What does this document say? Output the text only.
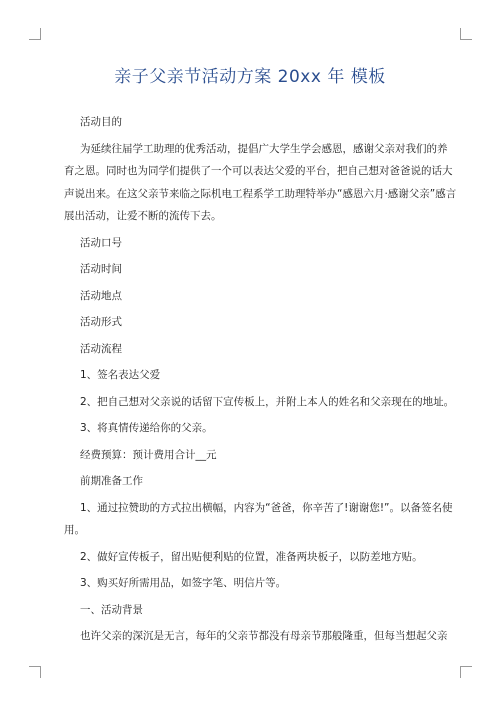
亲子父亲节活动方案 20xx 年 模板
活动目的
为延续往届学工助理的优秀活动，提倡广大学生学会感恩，感谢父亲对我们的养
育之恩。同时也为同学们提供了一个可以表达父爱的平台，把自己想对爸爸说的话大
声说出来。在这父亲节来临之际机电工程系学工助理特举办“感恩六月·感谢父亲”感言
展出活动，让爱不断的流传下去。
活动口号
活动时间
活动地点
活动形式
活动流程
1、签名表达父爱
2、把自己想对父亲说的话留下宣传板上，并附上本人的姓名和父亲现在的地址。
3、将真情传递给你的父亲。
经费预算：预计费用合计__元
前期准备工作
1、通过拉赞助的方式拉出横幅，内容为“爸爸，你辛苦了!谢谢您!”。以备签名使
用。
2、做好宣传板子，留出贴便利贴的位置，准备两块板子，以防差地方贴。
3、购买好所需用品，如签字笔、明信片等。
一、活动背景
也许父亲的深沉是无言，每年的父亲节都没有母亲节那般隆重，但每当想起父亲
